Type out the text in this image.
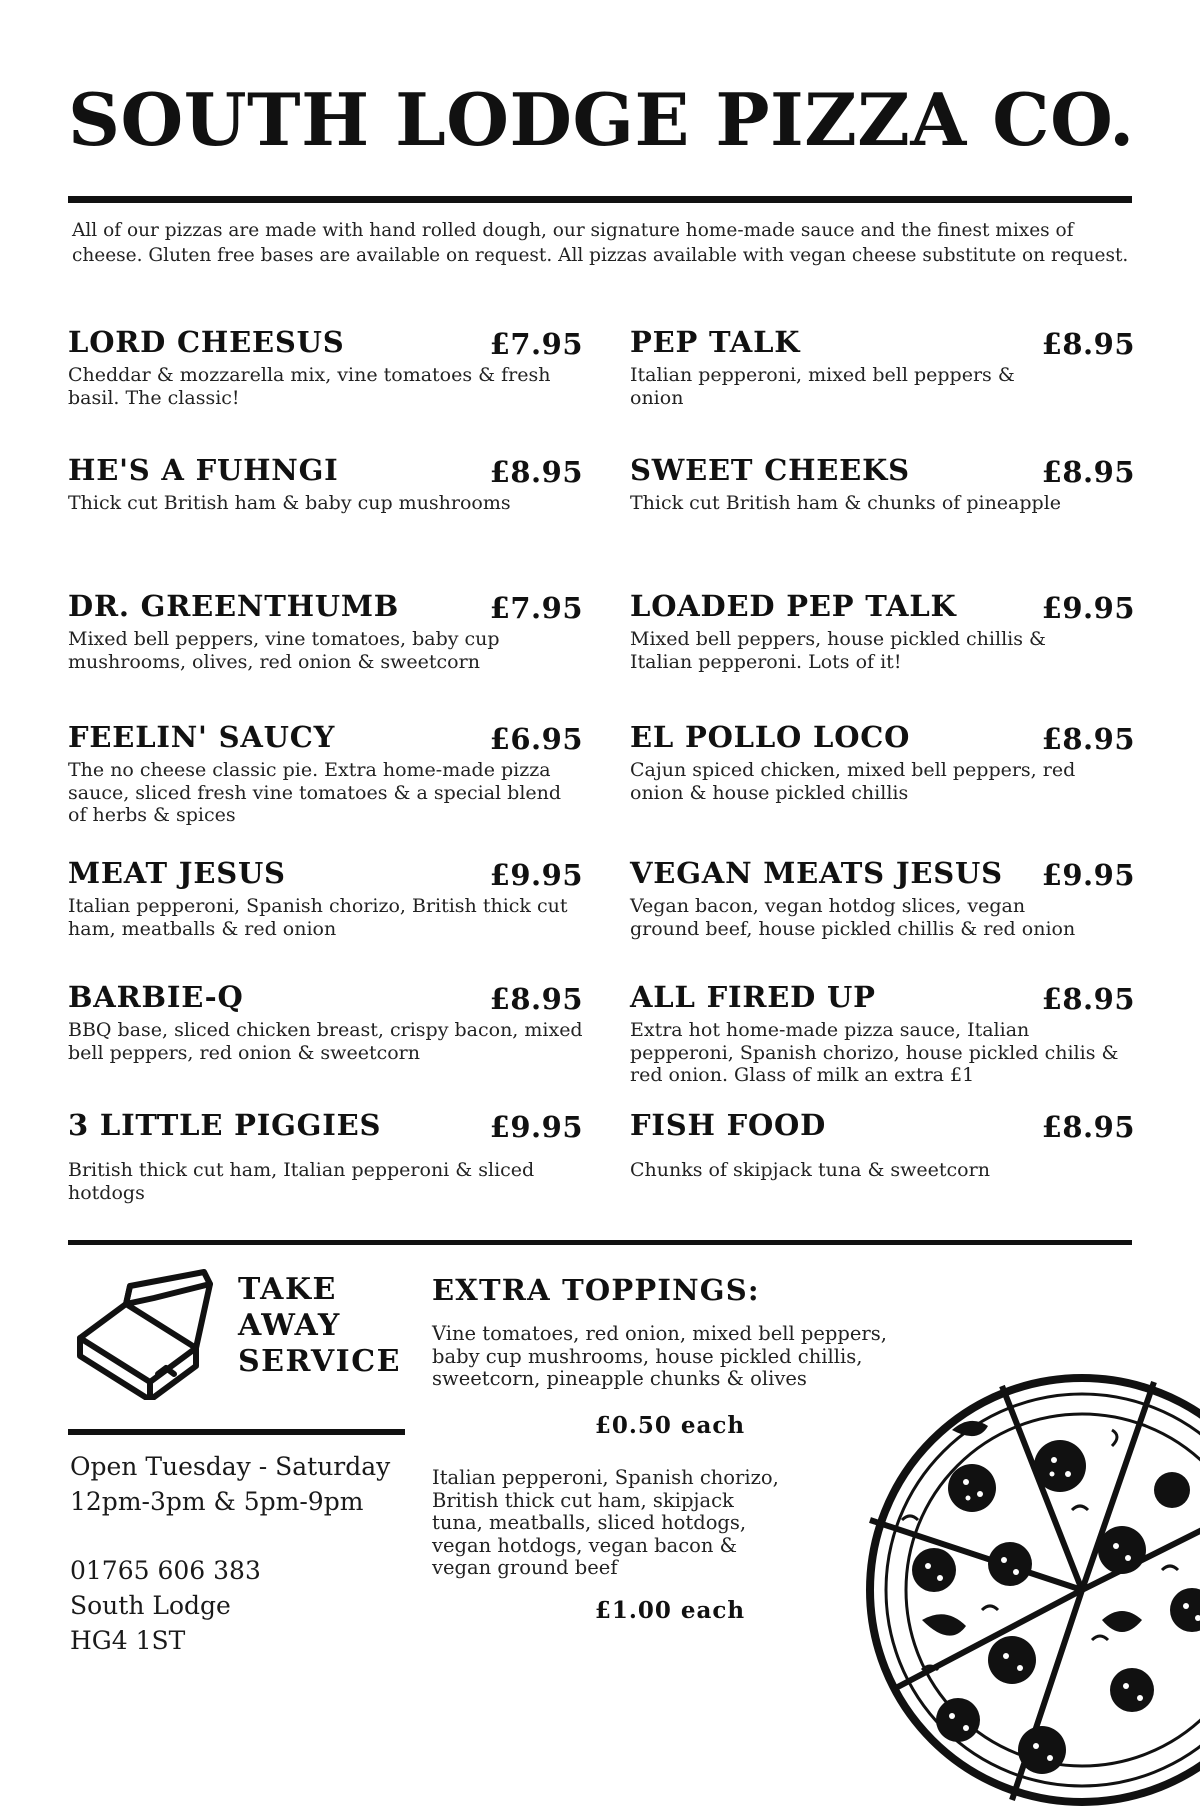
SOUTH LODGE PIZZA CO.

All of our pizzas are made with hand rolled dough, our signature home-made sauce and the finest mixes of cheese. Gluten free bases are available on request. All pizzas available with vegan cheese substitute on request.

LORD CHEESUS	£7.95
Cheddar & mozzarella mix, vine tomatoes & fresh basil. The classic!
HE'S A FUHNGI	£8.95
Thick cut British ham & baby cup mushrooms
DR. GREENTHUMB	£7.95
Mixed bell peppers, vine tomatoes, baby cup mushrooms, olives, red onion & sweetcorn
FEELIN' SAUCY	£6.95
The no cheese classic pie. Extra home-made pizza sauce, sliced fresh vine tomatoes & a special blend of herbs & spices
MEAT JESUS	£9.95
Italian pepperoni, Spanish chorizo, British thick cut ham, meatballs & red onion
BARBIE-Q	£8.95
BBQ base, sliced chicken breast, crispy bacon, mixed bell peppers, red onion & sweetcorn
3 LITTLE PIGGIES	£9.95
British thick cut ham, Italian pepperoni & sliced hotdogs
PEP TALK	£8.95
Italian pepperoni, mixed bell peppers & onion
SWEET CHEEKS	£8.95
Thick cut British ham & chunks of pineapple
LOADED PEP TALK	£9.95
Mixed bell peppers, house pickled chillis & Italian pepperoni. Lots of it!
EL POLLO LOCO	£8.95
Cajun spiced chicken, mixed bell peppers, red onion & house pickled chillis
VEGAN MEATS JESUS £9.95
Vegan bacon, vegan hotdog slices, vegan ground beef, house pickled chillis & red onion
ALL FIRED UP	£8.95
Extra hot home-made pizza sauce, Italian pepperoni, Spanish chorizo, house pickled chilis & red onion. Glass of milk an extra £1
FISH FOOD	£8.95
Chunks of skipjack tuna & sweetcorn
TAKE
AWAY
SERVICE
Open Tuesday - Saturday
12pm-3pm & 5pm-9pm
01765 606 383
South Lodge
HG4 1ST
EXTRA TOPPINGS:
Vine tomatoes, red onion, mixed bell peppers, baby cup mushrooms, house pickled chillis, sweetcorn, pineapple chunks & olives
£0.50 each
Italian pepperoni, Spanish chorizo, British thick cut ham, skipjack tuna, meatballs, sliced hotdogs, vegan hotdogs, vegan bacon & vegan ground beef
£1.00 each
